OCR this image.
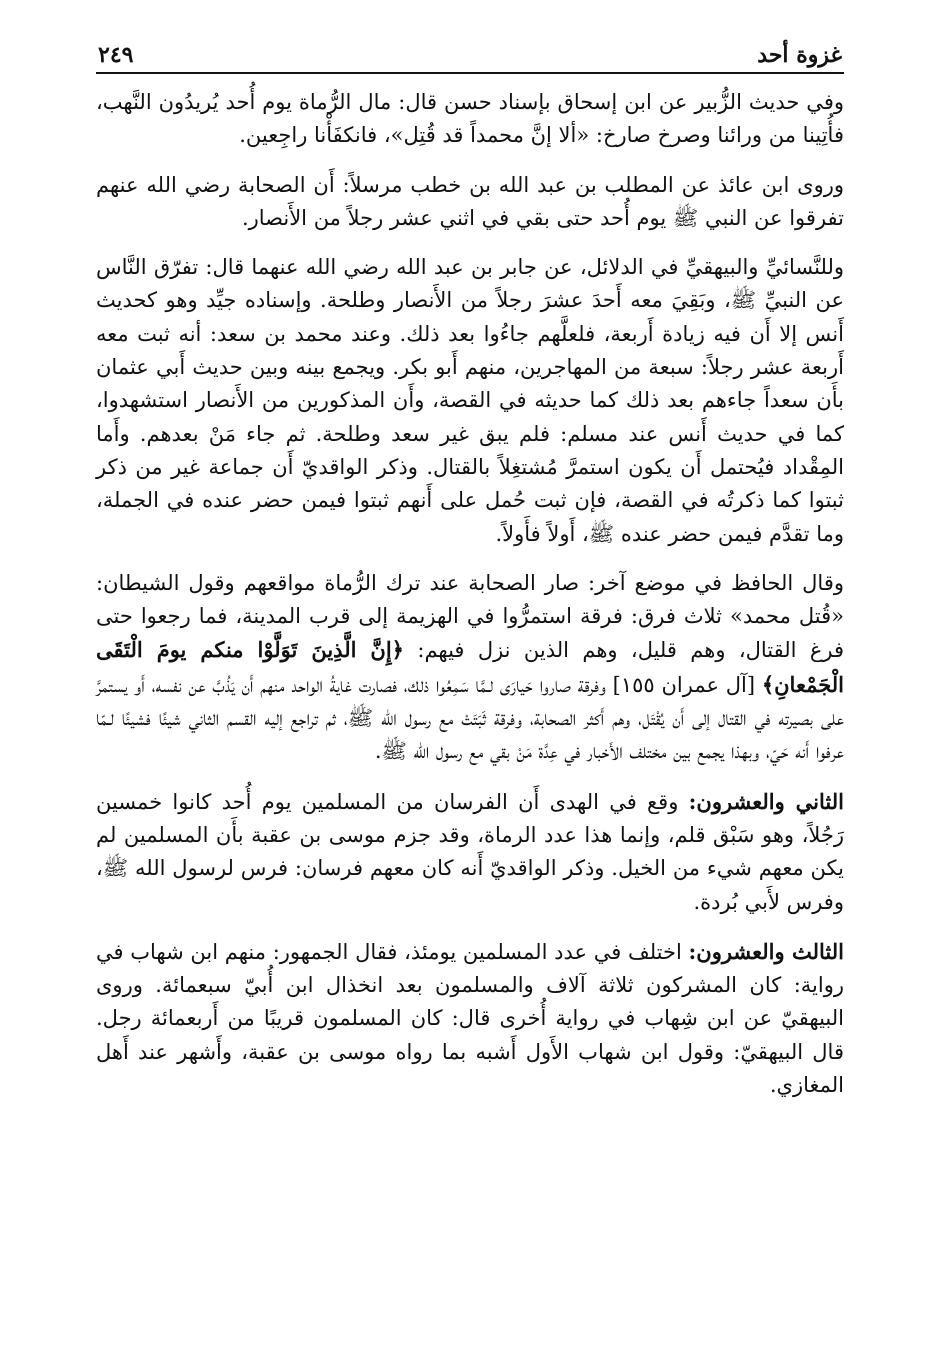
غزوة أحد
٢٤٩

وفي حديث الزُّبير عن ابن إسحاق بإسناد حسن قال: مال الرُّماة يوم أُحد يُريدُون النَّهب، فأُتِينا من ورائنا وصرخ صارخ: «ألا إنَّ محمداً قد قُتِل»، فانكفَأْنا راجِعين.

وروى ابن عائذ عن المطلب بن عبد الله بن خطب مرسلاً: أَن الصحابة رضي الله عنهم تفرقوا عن النبي ﷺ يوم أُحد حتى بقي في اثني عشر رجلاً من الأَنصار.

وللنَّسائيِّ والبيهقيِّ في الدلائل، عن جابر بن عبد الله رضي الله عنهما قال: تفرّق النَّاس عن النبيِّ ﷺ، وبَقِيَ معه أَحدَ عشرَ رجلاً من الأَنصار وطلحة. وإسناده جيِّد وهو كحديث أَنس إلا أَن فيه زيادة أَربعة، فلعلَّهم جاءُوا بعد ذلك. وعند محمد بن سعد: أنه ثبت معه أَربعة عشر رجلاً: سبعة من المهاجرين، منهم أَبو بكر. ويجمع بينه وبين حديث أَبي عثمان بأَن سعداً جاءهم بعد ذلك كما حديثه في القصة، وأَن المذكورين من الأَنصار استشهدوا، كما في حديث أَنس عند مسلم: فلم يبق غير سعد وطلحة. ثم جاء مَنْ بعدهم. وأَما المِقْداد فيُحتمل أَن يكون استمرَّ مُشتغِلاً بالقتال. وذكر الواقديّ أَن جماعة غير من ذكر ثبتوا كما ذكرتُه في القصة، فإن ثبت حُمل على أَنهم ثبتوا فيمن حضر عنده في الجملة، وما تقدَّم فيمن حضر عنده ﷺ، أَولاً فأَولاً.

وقال الحافظ في موضع آخر: صار الصحابة عند ترك الرُّماة مواقعهم وقول الشيطان: «قُتل محمد» ثلاث فرق: فرقة استمرُّوا في الهزيمة إلى قرب المدينة، فما رجعوا حتى فرغ القتال، وهم قليل، وهم الذين نزل فيهم: ﴿إِنَّ الَّذِينَ تَوَلَّوْا منكم يومَ الْتَقَى الْجَمْعانِ﴾ [آل عمران ١٥٥] وفرقة صاروا حَيارَى لـمَّا سَمِعُوا ذلك، فصارت غايةُ الواحد منهم أَن يَذُبَّ عن نفسه، أَو يستمرَّ على بصيرته في القتال إلى أَن يُقْتَل، وهم أَكثر الصحابة، وفرقة ثَبَتَتْ مع رسول الله ﷺ، ثم تراجع إليه القسم الثاني شيئًا فشيئًا لـمّا عرفوا أَنه حَيّ، وبهذا يجمع بين مختلف الأَخبار في عِدَّة مَنْ بقي مع رسول الله ﷺ.

الثاني والعشرون: وقع في الهدى أَن الفرسان من المسلمين يوم أُحد كانوا خمسين رَجُلاً، وهو سَبْق قلم، وإنما هذا عدد الرماة، وقد جزم موسى بن عقبة بأَن المسلمين لم يكن معهم شيء من الخيل. وذكر الواقديّ أَنه كان معهم فرسان: فرس لرسول الله ﷺ، وفرس لأَبي بُردة.

الثالث والعشرون: اختلف في عدد المسلمين يومئذ، فقال الجمهور: منهم ابن شهاب في رواية: كان المشركون ثلاثة آلاف والمسلمون بعد انخذال ابن أُبيّ سبعمائة. وروى البيهقيّ عن ابن شِهاب في رواية أُخرى قال: كان المسلمون قريبًا من أَربعمائة رجل. قال البيهقيّ: وقول ابن شهاب الأَول أَشبه بما رواه موسى بن عقبة، وأَشهر عند أَهل المغازي.
